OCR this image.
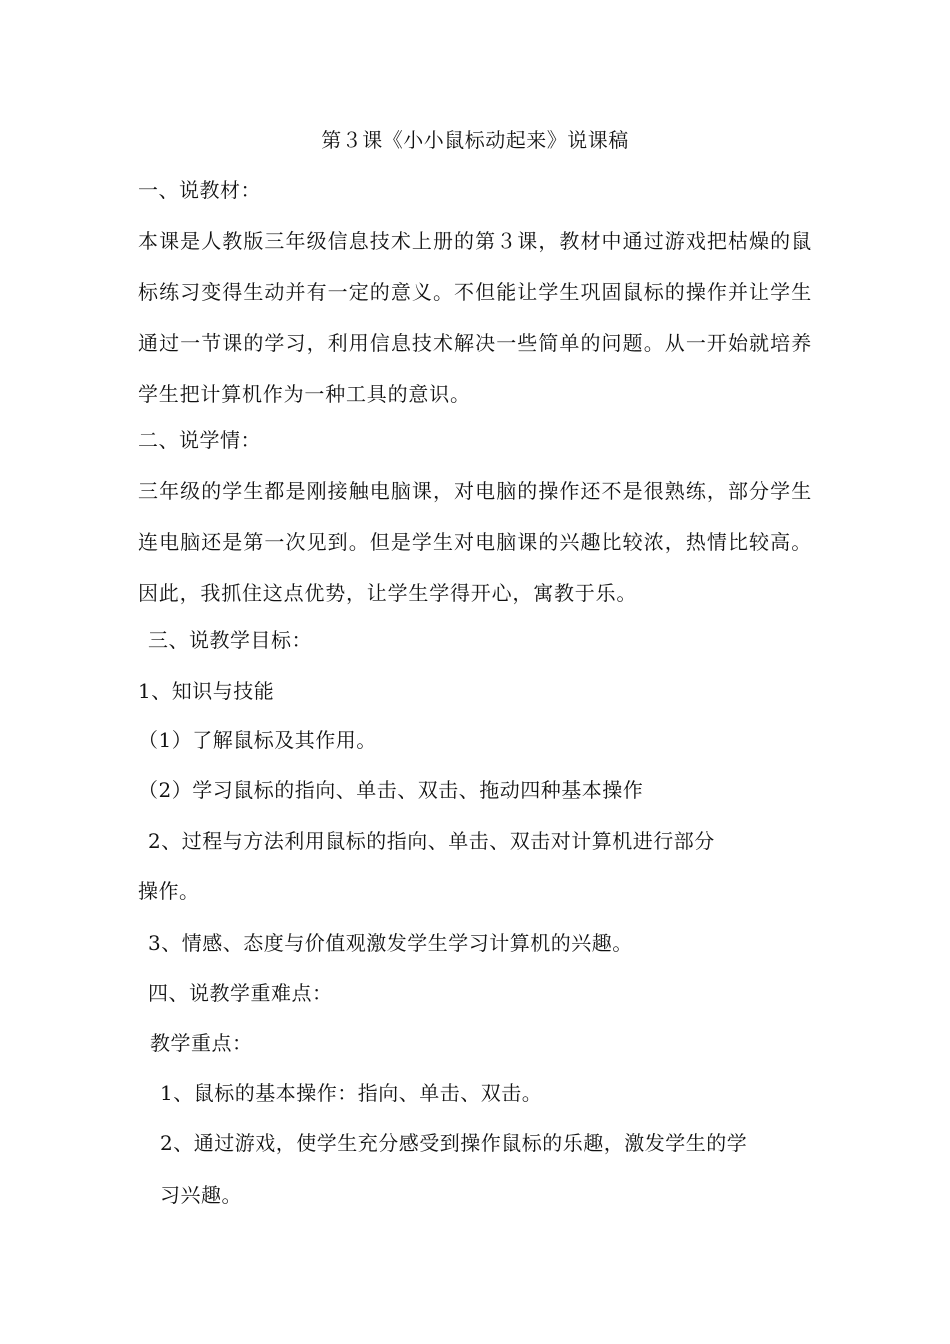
第３课《小小鼠标动起来》说课稿
一、说教材：
本课是人教版三年级信息技术上册的第３课，教材中通过游戏把枯燥的鼠标练习变得生动并有一定的意义。不但能让学生巩固鼠标的操作并让学生通过一节课的学习，利用信息技术解决一些简单的问题。从一开始就培养学生把计算机作为一种工具的意识。
二、说学情：
三年级的学生都是刚接触电脑课，对电脑的操作还不是很熟练，部分学生连电脑还是第一次见到。但是学生对电脑课的兴趣比较浓，热情比较高。因此，我抓住这点优势，让学生学得开心，寓教于乐。
三、说教学目标：
1、知识与技能
（1）了解鼠标及其作用。
（2）学习鼠标的指向、单击、双击、拖动四种基本操作
2、过程与方法利用鼠标的指向、单击、双击对计算机进行部分
操作。
3、情感、态度与价值观激发学生学习计算机的兴趣。
四、说教学重难点：
教学重点：
1、鼠标的基本操作：指向、单击、双击。
2、通过游戏，使学生充分感受到操作鼠标的乐趣，激发学生的学
习兴趣。
